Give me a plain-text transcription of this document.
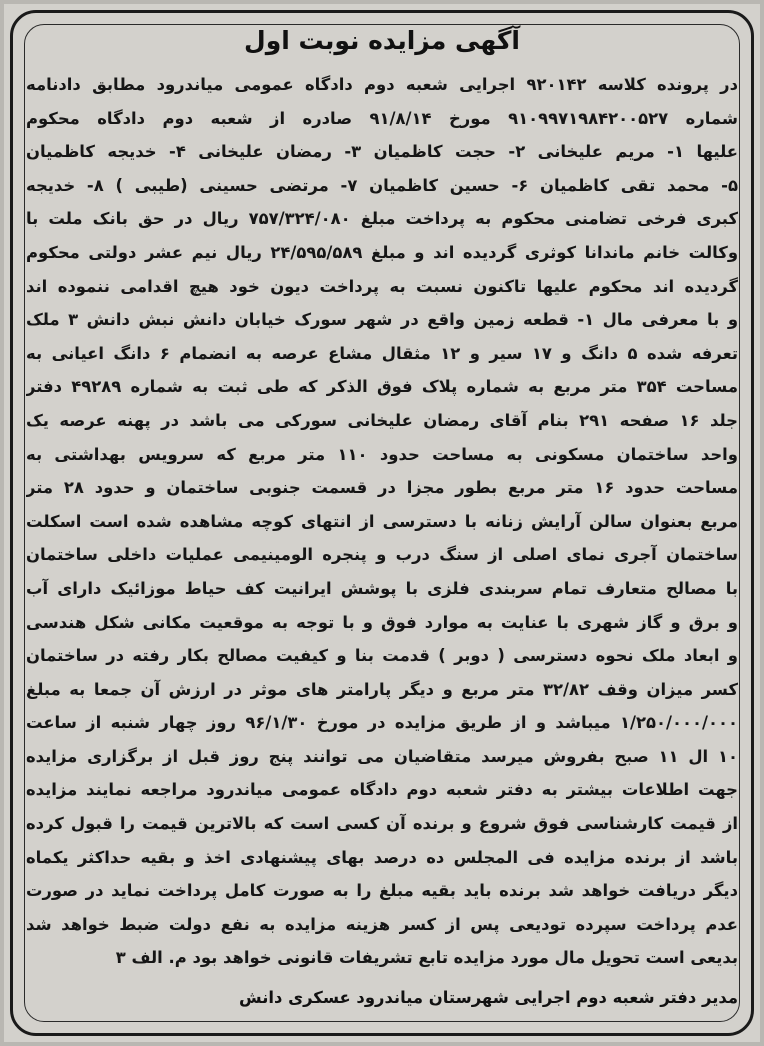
آگهی مزایده نوبت اول
در پرونده کلاسه ۹۲۰۱۴۲ اجرایی شعبه دوم دادگاه عمومی میاندرود مطابق دادنامه
شماره ۹۱۰۹۹۷۱۹۸۴۲۰۰۵۲۷ مورخ ۹۱/۸/۱۴ صادره از شعبه دوم دادگاه محکوم
علیها ۱- مریم علیخانی ۲- حجت کاظمیان ۳- رمضان علیخانی ۴- خدیجه کاظمیان
۵- محمد تقی کاظمیان ۶- حسین کاظمیان ۷- مرتضی حسینی (طیبی ) ۸- خدیجه
کبری فرخی تضامنی محکوم به پرداخت مبلغ ۷۵۷/۳۲۴/۰۸۰ ریال در حق بانک ملت با
وکالت خانم ماندانا کوثری گردیده اند و مبلغ ۲۴/۵۹۵/۵۸۹ ریال نیم عشر دولتی محکوم
گردیده اند محکوم علیها تاکنون نسبت به پرداخت دیون خود هیچ اقدامی ننموده اند
و با معرفی مال ۱- قطعه زمین واقع در شهر سورک خیابان دانش نبش دانش ۳ ملک
تعرفه شده ۵ دانگ و ۱۷ سیر و ۱۲ مثقال مشاع عرصه به انضمام ۶ دانگ اعیانی به
مساحت ۳۵۴ متر مربع به شماره پلاک فوق الذکر که طی ثبت به شماره ۴۹۲۸۹ دفتر
جلد ۱۶ صفحه ۲۹۱ بنام آقای رمضان علیخانی سورکی می باشد در پهنه عرصه یک
واحد ساختمان مسکونی به مساحت حدود ۱۱۰ متر مربع که سرویس بهداشتی به
مساحت حدود ۱۶ متر مربع بطور مجزا در قسمت جنوبی ساختمان و حدود ۲۸ متر
مربع بعنوان سالن آرایش زنانه با دسترسی از انتهای کوچه مشاهده شده است اسکلت
ساختمان آجری نمای اصلی از سنگ درب و پنجره الومینیمی عملیات داخلی ساختمان
با مصالح متعارف تمام سربندی فلزی با پوشش ایرانیت کف حیاط موزائیک دارای آب
و برق و گاز شهری با عنایت به موارد فوق و با توجه به موقعیت مکانی شکل هندسی
و ابعاد ملک نحوه دسترسی ( دوبر ) قدمت بنا و کیفیت مصالح بکار رفته در ساختمان
کسر میزان وقف ۳۲/۸۲ متر مربع و دیگر پارامتر های موثر در ارزش آن جمعا به مبلغ
۱/۲۵۰/۰۰۰/۰۰۰ میباشد و از طریق مزایده در مورخ ۹۶/۱/۳۰ روز چهار شنبه از ساعت
۱۰ ال ۱۱ صبح بفروش میرسد متقاضیان می توانند پنج روز قبل از برگزاری مزایده
جهت اطلاعات بیشتر به دفتر شعبه دوم دادگاه عمومی میاندرود مراجعه نمایند مزایده
از قیمت کارشناسی فوق شروع و برنده آن کسی است که بالاترین قیمت را قبول کرده
باشد از برنده مزایده فی المجلس ده درصد بهای پیشنهادی اخذ و بقیه حداکثر یکماه
دیگر دریافت خواهد شد برنده باید بقیه مبلغ را به صورت کامل پرداخت نماید در صورت
عدم پرداخت سپرده تودیعی پس از کسر هزینه مزایده به نفع دولت ضبط خواهد شد
بدیعی است تحویل مال مورد مزایده تابع تشریفات قانونی خواهد بود م. الف ۳
مدیر دفتر شعبه دوم اجرایی شهرستان میاندرود عسکری دانش
